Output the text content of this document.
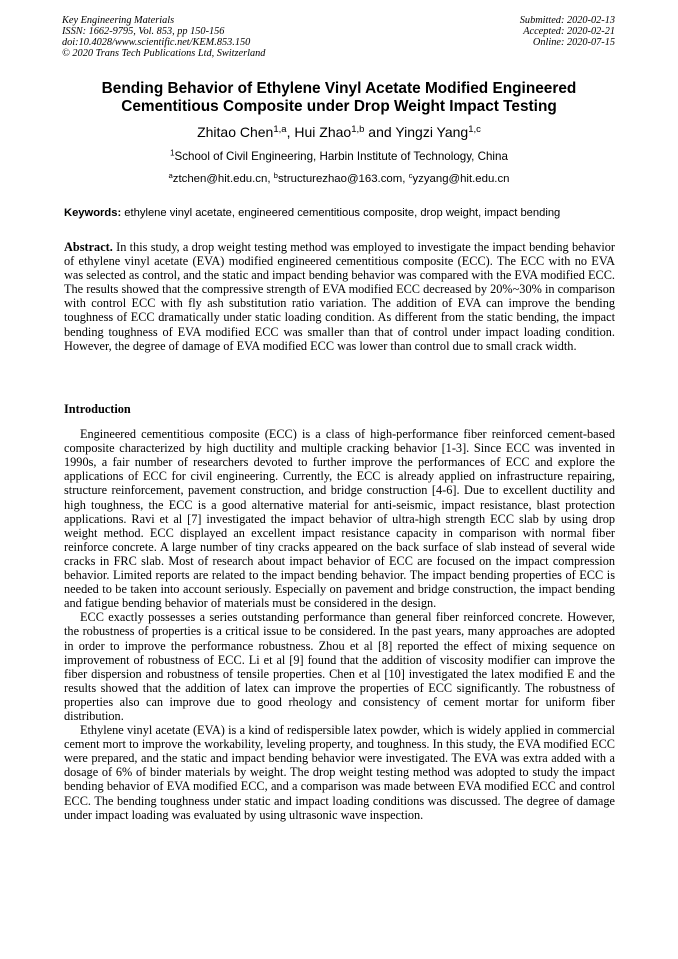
Key Engineering Materials
ISSN: 1662-9795, Vol. 853, pp 150-156
doi:10.4028/www.scientific.net/KEM.853.150
© 2020 Trans Tech Publications Ltd, Switzerland
Submitted: 2020-02-13
Accepted: 2020-02-21
Online: 2020-07-15
Bending Behavior of Ethylene Vinyl Acetate Modified Engineered
Cementitious Composite under Drop Weight Impact Testing
Zhitao Chen$^{1,a}$, Hui Zhao$^{1,b}$ and Yingzi Yang$^{1,c}$
$^1$School of Civil Engineering, Harbin Institute of Technology, China
$^a$ztchen@hit.edu.cn, $^b$structurezhao@163.com, $^c$yzyang@hit.edu.cn
Keywords: ethylene vinyl acetate, engineered cementitious composite, drop weight, impact bending
Abstract. In this study, a drop weight testing method was employed to investigate the impact bending behavior of ethylene vinyl acetate (EVA) modified engineered cementitious composite (ECC). The ECC with no EVA was selected as control, and the static and impact bending behavior was compared with the EVA modified ECC. The results showed that the compressive strength of EVA modified ECC decreased by 20%~30% in comparison with control ECC with fly ash substitution ratio variation. The addition of EVA can improve the bending toughness of ECC dramatically under static loading condition. As different from the static bending, the impact bending toughness of EVA modified ECC was smaller than that of control under impact loading condition. However, the degree of damage of EVA modified ECC was lower than control due to small crack width.
Introduction

Engineered cementitious composite (ECC) is a class of high-performance fiber reinforced cement-based composite characterized by high ductility and multiple cracking behavior [1-3]. Since ECC was invented in 1990s, a fair number of researchers devoted to further improve the performances of ECC and explore the applications of ECC for civil engineering. Currently, the ECC is already applied on infrastructure repairing, structure reinforcement, pavement construction, and bridge construction [4-6]. Due to excellent ductility and high toughness, the ECC is a good alternative material for anti-seismic, impact resistance, blast protection applications. Ravi et al [7] investigated the impact behavior of ultra-high strength ECC slab by using drop weight method. ECC displayed an excellent impact resistance capacity in comparison with normal fiber reinforce concrete. A large number of tiny cracks appeared on the back surface of slab instead of several wide cracks in FRC slab. Most of research about impact behavior of ECC are focused on the impact compression behavior. Limited reports are related to the impact bending behavior. The impact bending properties of ECC is needed to be taken into account seriously. Especially on pavement and bridge construction, the impact bending and fatigue bending behavior of materials must be considered in the design.

ECC exactly possesses a series outstanding performance than general fiber reinforced concrete. However, the robustness of properties is a critical issue to be considered. In the past years, many approaches are adopted in order to improve the performance robustness. Zhou et al [8] reported the effect of mixing sequence on improvement of robustness of ECC. Li et al [9] found that the addition of viscosity modifier can improve the fiber dispersion and robustness of tensile properties. Chen et al [10] investigated the latex modified E and the results showed that the addition of latex can improve the properties of ECC significantly. The robustness of properties also can improve due to good rheology and consistency of cement mortar for uniform fiber distribution.

Ethylene vinyl acetate (EVA) is a kind of redispersible latex powder, which is widely applied in commercial cement mort to improve the workability, leveling property, and toughness. In this study, the EVA modified ECC were prepared, and the static and impact bending behavior were investigated. The EVA was extra added with a dosage of 6% of binder materials by weight. The drop weight testing method was adopted to study the impact bending behavior of EVA modified ECC, and a comparison was made between EVA modified ECC and control ECC. The bending toughness under static and impact loading conditions was discussed. The degree of damage under impact loading was evaluated by using ultrasonic wave inspection.
